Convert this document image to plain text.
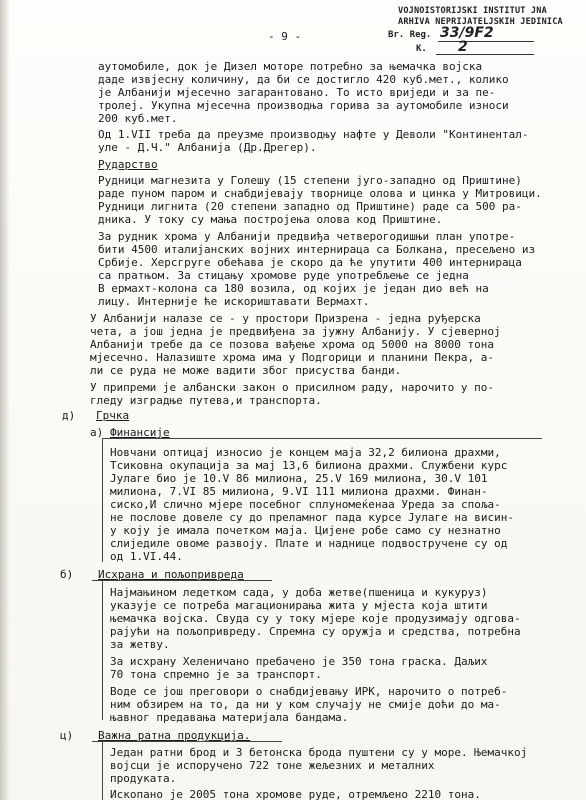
VOJNOISTORIJSKI INSTITUT JNA
ARHIVA NEPRIJATELJSKIH JEDINICA
Br. Reg. 33/9F2
K. 2
- 9 -
аутомобиле, док је Дизел моторе потребно за њемачка војска
даде извјесну количину, да би се достигло 420 куб.мет., колико
је Албанији мјесечно загарантовано. То исто вриједи и за пе-
тролеј. Укупна мјесечна производња горива за аутомобиле износи
200 куб.мет.
Од 1.VII треба да преузме производњу нафте у Деволи "Континентал-
уле - Д.Ч." Албанија (Др.Дрегер).
Рударство
Рудници магнезита у Голешу (15 степени југо-западно од Приштине)
раде пуном паром и снабдијевају творнице олова и цинка у Митровици.
Рудници лигнита (20 степени западно од Приштине) раде са 500 ра-
дника. У току су мања постројења олова код Приштине.
За рудник хрома у Албанији предвиђа четверогодишњи план употре-
бити 4500 италијанских војних интернираца са Болкана, пресељено из
Србије. Херсгруге обећава је скоро да ће упутити 400 интернираца
са пратњом. За стицању хромове руде употребљење се једна
В ермахт-колона са 180 возила, од којих је један дио већ на
лицу. Интерније ће искориштавати Вермахт.
У Албанији налазе се - у простори Призрена - једна руђерска
чета, а још једна је предвиђена за јужну Албанију. У сјеверној
Албанији требе да се позова вађење хрома од 5000 на 8000 тона
мјесечно. Налазиште хрома има у Подгорици и планини Пекра, а-
ли се руда не може вадити због присуства банди.
У припреми је албански закон о присилном раду, нарочито у по-
гледу изградње путева,и транспорта.
д) Грчка
а) Финансије
Новчани оптицај износио је концем маја 32,2 билиона драхми,
Тсиковна окупација за мај 13,6 билиона драхми. Службени курс
Јулаге био је 10.V 86 милиона, 25.V 169 милиона, 30.V 101
милиона, 7.VI 85 милиона, 9.VI 111 милиона драхми. Финан-
сиско,И слично мјере посебног сплуномеќенаа Уреда за споља-
не послове довеле су до преламног пада курсе Јулаге на висин-
у коју је имала почетком маја. Цијене робе само су незнатно
слиједиле овоме развоју. Плате и наднице подвостручене су од
од 1.VI.44.
б) Исхрана и пољопривреда
Најмањином ледетком сада, у доба жетве(пшеница и кукуруз)
указује се потреба магационирања жита у мјеста која штити
њемачка војска. Свуда су у току мјере које продузимају одгова-
рајући на пољопривреду. Спремна су оружја и средства, потребна
за жетву.
За исхрану Хеленичано пребачено је 350 тона граска. Даљих
70 тона спремно је за транспорт.
Воде се још преговори о снабдијевању ИРК, нарочито о потреб-
ним обзирем на то, да ни у ком случају не смије доћи до ма-
њавног предавања материјала бандама.
ц) Важна ратна продукција.
Један ратни брод и 3 бетонска брода пуштени су у море. Њемачкој
војсци је испоручено 722 тоне жељезних и металних
продуката.
Ископано је 2005 тона хромове руде, отремљено 2210 тона.
